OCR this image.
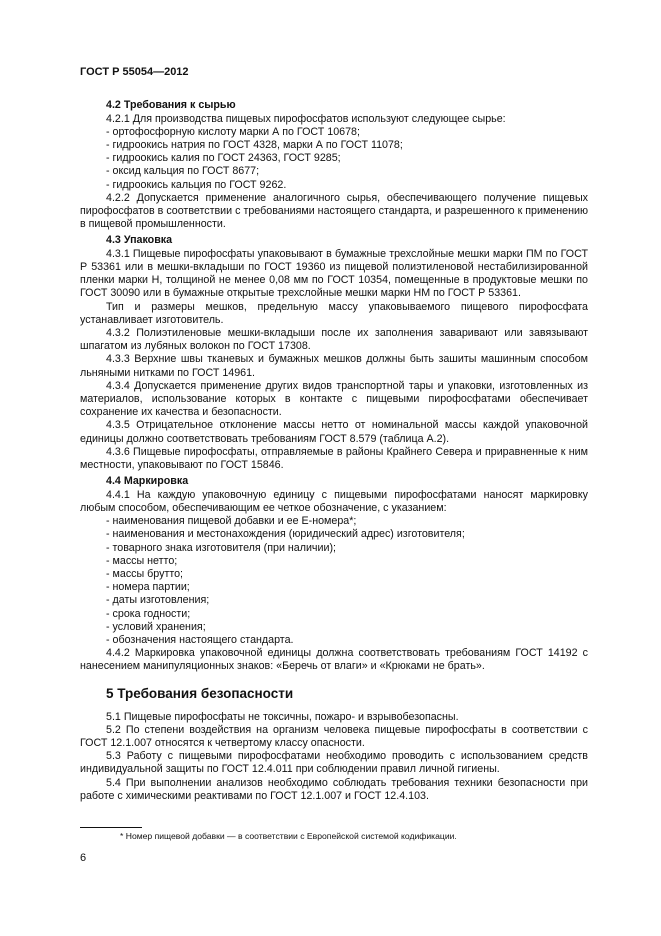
ГОСТ Р 55054—2012
4.2 Требования к сырью

4.2.1 Для производства пищевых пирофосфатов используют следующее сырье:

- ортофосфорную кислоту марки А по ГОСТ 10678;
- гидроокись натрия по ГОСТ 4328, марки А по ГОСТ 11078;
- гидроокись калия по ГОСТ 24363, ГОСТ 9285;
- оксид кальция по ГОСТ 8677;
- гидроокись кальция по ГОСТ 9262.

4.2.2 Допускается применение аналогичного сырья, обеспечивающего получение пищевых пирофосфатов в соответствии с требованиями настоящего стандарта, и разрешенного к применению в пищевой промышленности.

4.3 Упаковка

4.3.1 Пищевые пирофосфаты упаковывают в бумажные трехслойные мешки марки ПМ по ГОСТ Р 53361 или в мешки-вкладыши по ГОСТ 19360 из пищевой полиэтиленовой нестабилизированной пленки марки Н, толщиной не менее 0,08 мм по ГОСТ 10354, помещенные в продуктовые мешки по ГОСТ 30090 или в бумажные открытые трехслойные мешки марки НМ по ГОСТ Р 53361.

Тип и размеры мешков, предельную массу упаковываемого пищевого пирофосфата устанавливает изготовитель.

4.3.2 Полиэтиленовые мешки-вкладыши после их заполнения заваривают или завязывают шпагатом из лубяных волокон по ГОСТ 17308.

4.3.3 Верхние швы тканевых и бумажных мешков должны быть зашиты машинным способом льняными нитками по ГОСТ 14961.

4.3.4 Допускается применение других видов транспортной тары и упаковки, изготовленных из материалов, использование которых в контакте с пищевыми пирофосфатами обеспечивает сохранение их качества и безопасности.

4.3.5 Отрицательное отклонение массы нетто от номинальной массы каждой упаковочной единицы должно соответствовать требованиям ГОСТ 8.579 (таблица А.2).

4.3.6 Пищевые пирофосфаты, отправляемые в районы Крайнего Севера и приравненные к ним местности, упаковывают по ГОСТ 15846.

4.4 Маркировка

4.4.1 На каждую упаковочную единицу с пищевыми пирофосфатами наносят маркировку любым способом, обеспечивающим ее четкое обозначение, с указанием:

- наименования пищевой добавки и ее Е-номера*;
- наименования и местонахождения (юридический адрес) изготовителя;
- товарного знака изготовителя (при наличии);
- массы нетто;
- массы брутто;
- номера партии;
- даты изготовления;
- срока годности;
- условий хранения;
- обозначения настоящего стандарта.

4.4.2 Маркировка упаковочной единицы должна соответствовать требованиям ГОСТ 14192 с нанесением манипуляционных знаков: «Беречь от влаги» и «Крюками не брать».

5 Требования безопасности

5.1 Пищевые пирофосфаты не токсичны, пожаро- и взрывобезопасны.

5.2 По степени воздействия на организм человека пищевые пирофосфаты в соответствии с ГОСТ 12.1.007 относятся к четвертому классу опасности.

5.3 Работу с пищевыми пирофосфатами необходимо проводить с использованием средств индивидуальной защиты по ГОСТ 12.4.011 при соблюдении правил личной гигиены.

5.4 При выполнении анализов необходимо соблюдать требования техники безопасности при работе с химическими реактивами по ГОСТ 12.1.007 и ГОСТ 12.4.103.

* Номер пищевой добавки — в соответствии с Европейской системой кодификации.
6
